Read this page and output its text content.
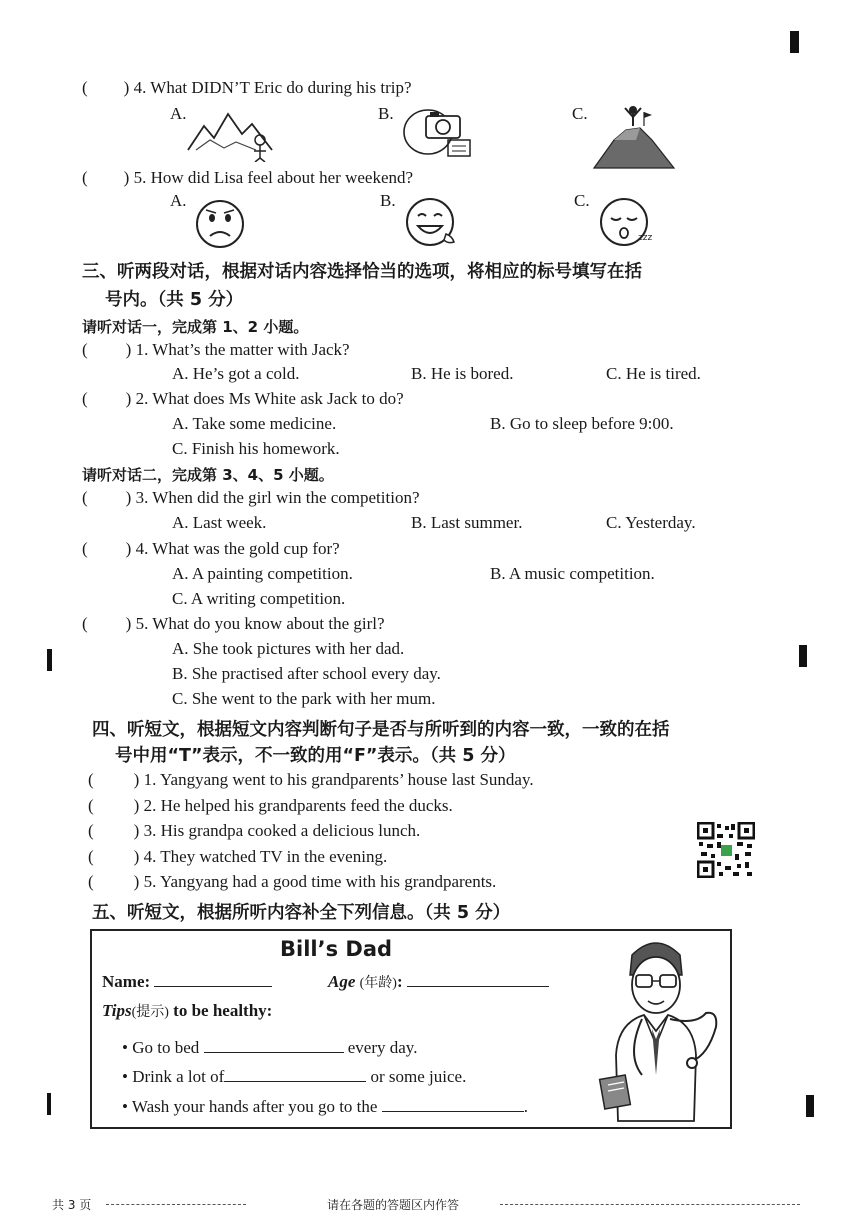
( ) 4. What DIDN’T Eric do during his trip?
A.	B.	C.
( ) 5. How did Lisa feel about her weekend?
A.	B.	C.
zzz
三、听两段对话，根据对话内容选择恰当的选项，将相应的标号填写在括
号内。（共 5 分）
请听对话一，完成第 1、2 小题。
( ) 1. What’s the matter with Jack?
A. He’s got a cold.	B. He is bored.	C. He is tired.
( ) 2. What does Ms White ask Jack to do?
A. Take some medicine.	B. Go to sleep before 9:00.
C. Finish his homework.
请听对话二，完成第 3、4、5 小题。
( ) 3. When did the girl win the competition?
A. Last week.	B. Last summer.	C. Yesterday.
( ) 4. What was the gold cup for?
A. A painting competition.	B. A music competition.
C. A writing competition.
( ) 5. What do you know about the girl?
A. She took pictures with her dad.
B. She practised after school every day.
C. She went to the park with her mum.
四、听短文，根据短文内容判断句子是否与所听到的内容一致，一致的在括
号中用“T”表示，不一致的用“F”表示。（共 5 分）
( ) 1. Yangyang went to his grandparents’ house last Sunday.
( ) 2. He helped his grandparents feed the ducks.
( ) 3. His grandpa cooked a delicious lunch.
( ) 4. They watched TV in the evening.
( ) 5. Yangyang had a good time with his grandparents.
五、听短文，根据所听内容补全下列信息。（共 5 分）
Bill’s Dad
Name:	Age (年龄):
Tips(提示) to be healthy:
• Go to bed	every day.
• Drink a lot of	or some juice.
• Wash your hands after you go to the	.
共 3 页	请在各题的答题区内作答
